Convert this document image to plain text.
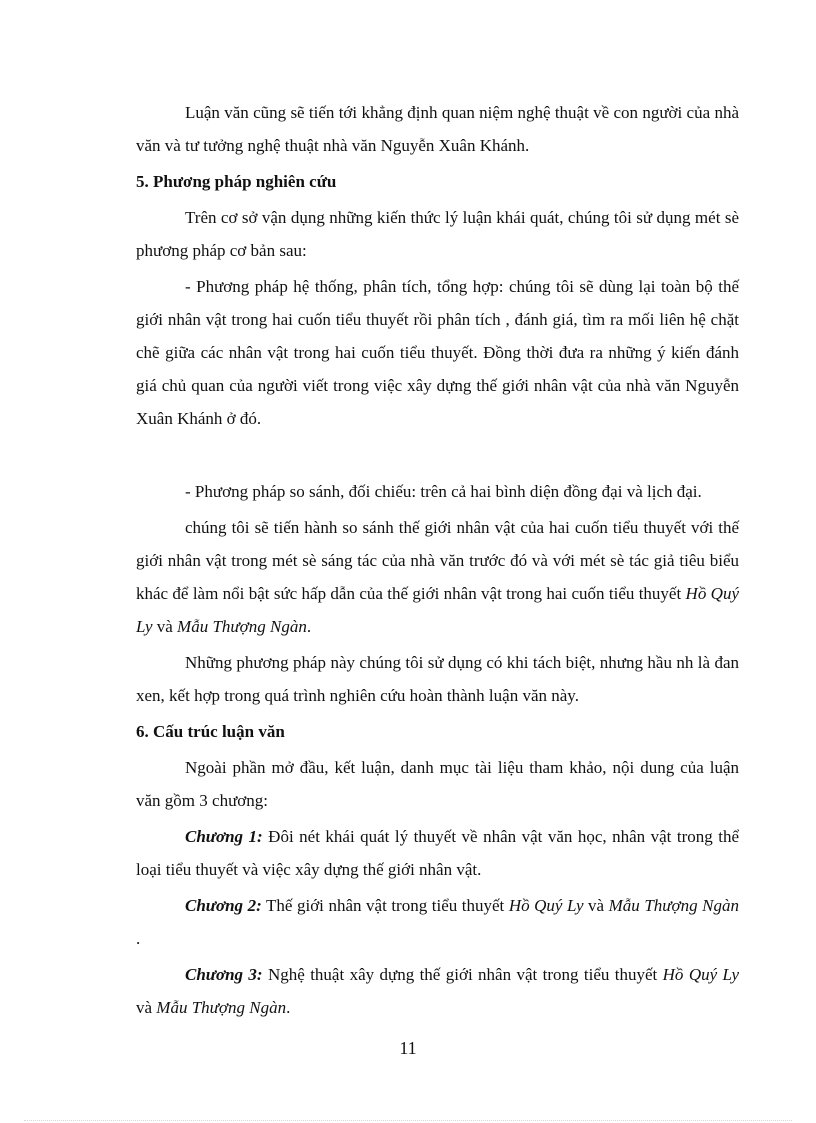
Luận văn cũng sẽ tiến tới khẳng định quan niệm nghệ thuật về con người của nhà văn và tư tưởng nghệ thuật nhà văn Nguyễn Xuân Khánh.

5. Phương pháp nghiên cứu

Trên cơ sở vận dụng những kiến thức lý luận khái quát, chúng tôi sử dụng mét sè phương pháp cơ bản sau:

- Phương pháp hệ thống, phân tích, tổng hợp: chúng tôi sẽ dùng lại toàn bộ thế giới nhân vật trong hai cuốn tiểu thuyết rồi phân tích , đánh giá, tìm ra mối liên hệ chặt chẽ giữa các nhân vật trong hai cuốn tiểu thuyết. Đồng thời đưa ra những ý kiến đánh giá chủ quan của người viết trong việc xây dựng thế giới nhân vật của nhà văn Nguyễn Xuân Khánh ở đó.

- Phương pháp so sánh, đối chiếu: trên cả hai bình diện đồng đại và lịch đại.

chúng tôi sẽ tiến hành so sánh thế giới nhân vật của hai cuốn tiểu thuyết với thế giới nhân vật trong mét sè sáng tác của nhà văn trước đó và với mét sè tác giả tiêu biểu khác để làm nổi bật sức hấp dẫn của thế giới nhân vật trong hai cuốn tiểu thuyết Hồ Quý Ly và Mẫu Thượng Ngàn.

Những phương pháp này chúng tôi sử dụng có khi tách biệt, nhưng hầu nh là đan xen, kết hợp trong quá trình nghiên cứu hoàn thành luận văn này.

6. Cấu trúc luận văn

Ngoài phần mở đầu, kết luận, danh mục tài liệu tham khảo, nội dung của luận văn gồm 3 chương:

Chương 1: Đôi nét khái quát lý thuyết về nhân vật văn học, nhân vật trong thể loại tiểu thuyết và việc xây dựng thế giới nhân vật.

Chương 2: Thế giới nhân vật trong tiểu thuyết Hồ Quý Ly và Mẫu Thượng Ngàn .

Chương 3: Nghệ thuật xây dựng thế giới nhân vật trong tiểu thuyết Hồ Quý Ly và Mẫu Thượng Ngàn.

11
